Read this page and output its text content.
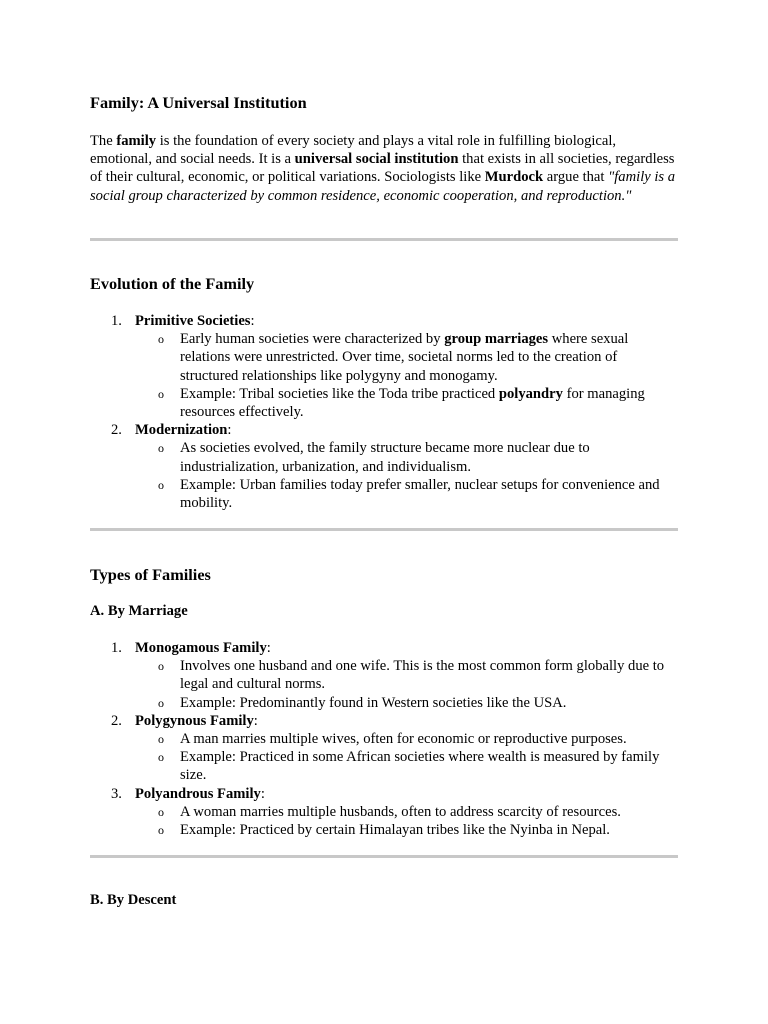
Family: A Universal Institution

The family is the foundation of every society and plays a vital role in fulfilling biological, emotional, and social needs. It is a universal social institution that exists in all societies, regardless of their cultural, economic, or political variations. Sociologists like Murdock argue that "family is a social group characterized by common residence, economic cooperation, and reproduction."

Evolution of the Family
1. Primitive Societies:
o Early human societies were characterized by group marriages where sexual relations were unrestricted. Over time, societal norms led to the creation of structured relationships like polygyny and monogamy.
o Example: Tribal societies like the Toda tribe practiced polyandry for managing resources effectively.
2. Modernization:
o As societies evolved, the family structure became more nuclear due to industrialization, urbanization, and individualism.
o Example: Urban families today prefer smaller, nuclear setups for convenience and mobility.
Types of Families
A. By Marriage
1. Monogamous Family:
o Involves one husband and one wife. This is the most common form globally due to legal and cultural norms.
o Example: Predominantly found in Western societies like the USA.
2. Polygynous Family:
o A man marries multiple wives, often for economic or reproductive purposes.
o Example: Practiced in some African societies where wealth is measured by family size.
3. Polyandrous Family:
o A woman marries multiple husbands, often to address scarcity of resources.
o Example: Practiced by certain Himalayan tribes like the Nyinba in Nepal.
B. By Descent
